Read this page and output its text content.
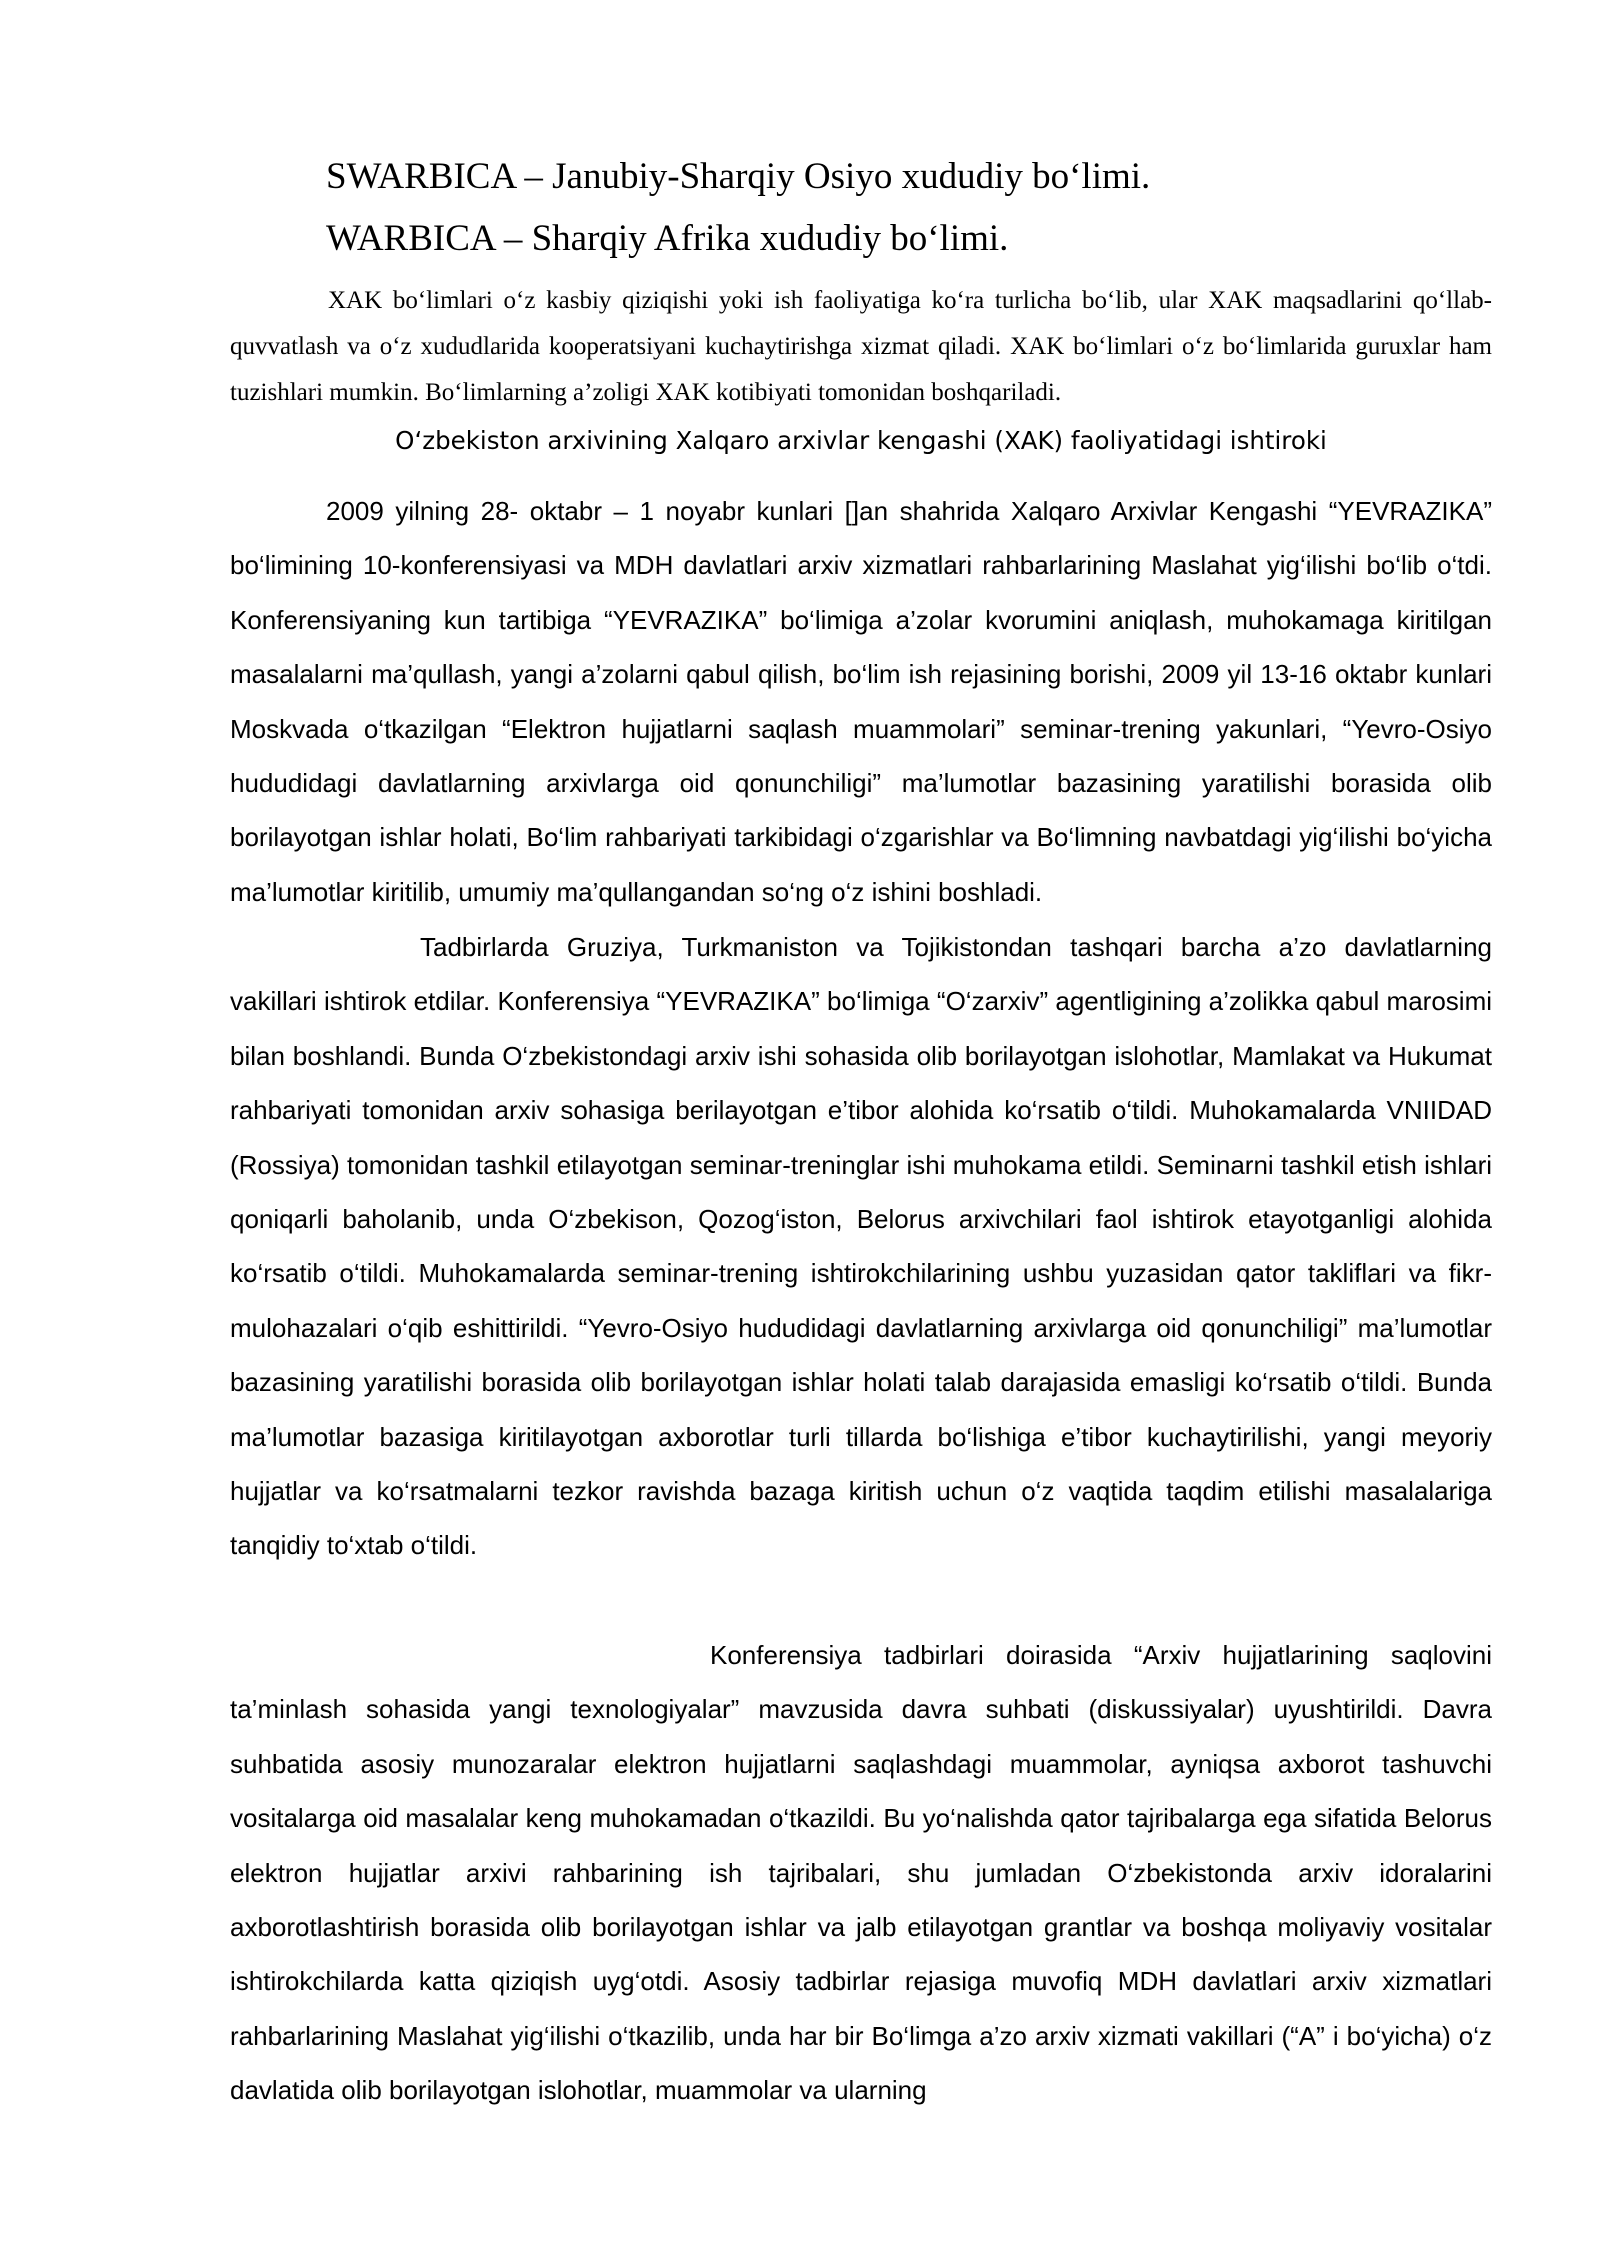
SWARBICA – Janubiy-Sharqiy Osiyo xududiy bo‘limi.

WARBICA – Sharqiy Afrika xududiy bo‘limi.

XAK bo‘limlari o‘z kasbiy qiziqishi yoki ish faoliyatiga ko‘ra turlicha bo‘lib, ular XAK maqsadlarini qo‘llab-quvvatlash va o‘z xududlarida kooperatsiyani kuchaytirishga xizmat qiladi. XAK bo‘limlari o‘z bo‘limlarida guruxlar ham tuzishlari mumkin. Bo‘limlarning a’zoligi XAK kotibiyati tomonidan boshqariladi.

O‘zbekiston arxivining Xalqaro arxivlar kengashi (XAK) faoliyatidagi ishtiroki

2009 yilning 28- oktabr – 1 noyabr kunlari []an shahrida Xalqaro Arxivlar Kengashi “YEVRAZIKA” bo‘limining 10-konferensiyasi va MDH davlatlari arxiv xizmatlari rahbarlarining Maslahat yig‘ilishi bo‘lib o‘tdi. Konferensiyaning kun tartibiga “YEVRAZIKA” bo‘limiga a’zolar kvorumini aniqlash, muhokamaga kiritilgan masalalarni ma’qullash, yangi a’zolarni qabul qilish, bo‘lim ish rejasining borishi, 2009 yil 13-16 oktabr kunlari Moskvada o‘tkazilgan “Elektron hujjatlarni saqlash muammolari” seminar-trening yakunlari, “Yevro-Osiyo hududidagi davlatlarning arxivlarga oid qonunchiligi” ma’lumotlar bazasining yaratilishi borasida olib borilayotgan ishlar holati, Bo‘lim rahbariyati tarkibidagi o‘zgarishlar va Bo‘limning navbatdagi yig‘ilishi bo‘yicha ma’lumotlar kiritilib, umumiy ma’qullangandan so‘ng o‘z ishini boshladi.

Tadbirlarda Gruziya, Turkmaniston va Tojikistondan tashqari barcha a’zo davlatlarning vakillari ishtirok etdilar. Konferensiya “YEVRAZIKA” bo‘limiga “O‘zarxiv” agentligining a’zolikka qabul marosimi bilan boshlandi. Bunda O‘zbekistondagi arxiv ishi sohasida olib borilayotgan islohotlar, Mamlakat va Hukumat rahbariyati tomonidan arxiv sohasiga berilayotgan e’tibor alohida ko‘rsatib o‘tildi. Muhokamalarda VNIIDAD (Rossiya) tomonidan tashkil etilayotgan seminar-treninglar ishi muhokama etildi. Seminarni tashkil etish ishlari qoniqarli baholanib, unda O‘zbekison, Qozog‘iston, Belorus arxivchilari faol ishtirok etayotganligi alohida ko‘rsatib o‘tildi. Muhokamalarda seminar-trening ishtirokchilarining ushbu yuzasidan qator takliflari va fikr-mulohazalari o‘qib eshittirildi. “Yevro-Osiyo hududidagi davlatlarning arxivlarga oid qonunchiligi” ma’lumotlar bazasining yaratilishi borasida olib borilayotgan ishlar holati talab darajasida emasligi ko‘rsatib o‘tildi. Bunda ma’lumotlar bazasiga kiritilayotgan axborotlar turli tillarda bo‘lishiga e’tibor kuchaytirilishi, yangi meyoriy hujjatlar va ko‘rsatmalarni tezkor ravishda bazaga kiritish uchun o‘z vaqtida taqdim etilishi masalalariga tanqidiy to‘xtab o‘tildi.

Konferensiya tadbirlari doirasida “Arxiv hujjatlarining saqlovini ta’minlash sohasida yangi texnologiyalar” mavzusida davra suhbati (diskussiyalar) uyushtirildi. Davra suhbatida asosiy munozaralar elektron hujjatlarni saqlashdagi muammolar, ayniqsa axborot tashuvchi vositalarga oid masalalar keng muhokamadan o‘tkazildi. Bu yo‘nalishda qator tajribalarga ega sifatida Belorus elektron hujjatlar arxivi rahbarining ish tajribalari, shu jumladan O‘zbekistonda arxiv idoralarini axborotlashtirish borasida olib borilayotgan ishlar va jalb etilayotgan grantlar va boshqa moliyaviy vositalar ishtirokchilarda katta qiziqish uyg‘otdi. Asosiy tadbirlar rejasiga muvofiq MDH davlatlari arxiv xizmatlari rahbarlarining Maslahat yig‘ilishi o‘tkazilib, unda har bir Bo‘limga a’zo arxiv xizmati vakillari (“A” i bo‘yicha) o‘z davlatida olib borilayotgan islohotlar, muammolar va ularning
